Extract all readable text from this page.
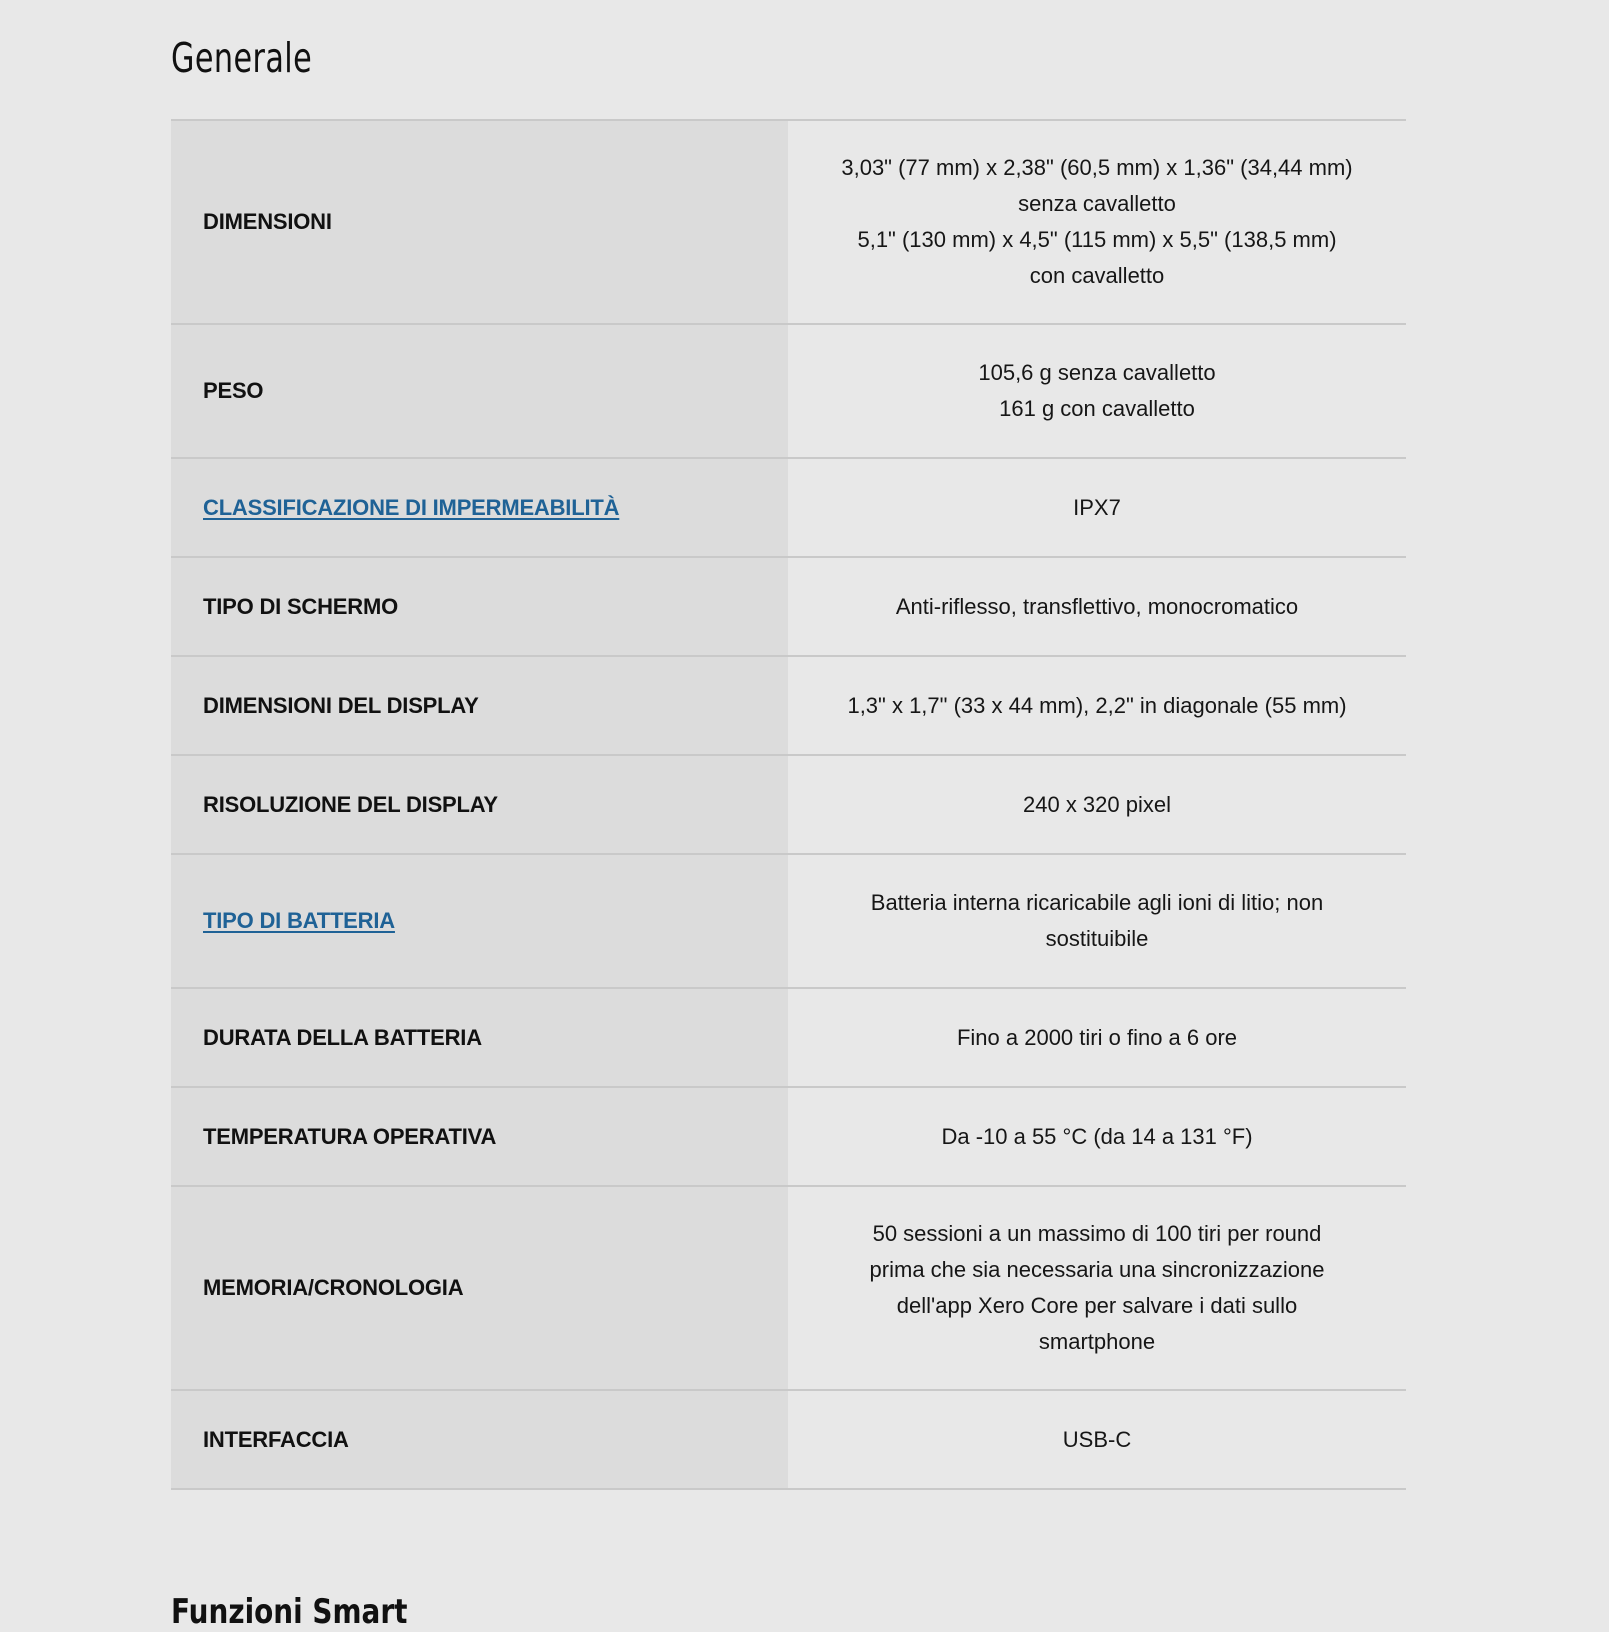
Generale
DIMENSIONI	3,03" (77 mm) x 2,38" (60,5 mm) x 1,36" (34,44 mm)
senza cavalletto
5,1" (130 mm) x 4,5" (115 mm) x 5,5" (138,5 mm)
con cavalletto

PESO	105,6 g senza cavalletto
161 g con cavalletto

CLASSIFICAZIONE DI IMPERMEABILITÀ	IPX7

TIPO DI SCHERMO	Anti-riflesso, transflettivo, monocromatico

DIMENSIONI DEL DISPLAY	1,3" x 1,7" (33 x 44 mm), 2,2" in diagonale (55 mm)

RISOLUZIONE DEL DISPLAY	240 x 320 pixel

TIPO DI BATTERIA	Batteria interna ricaricabile agli ioni di litio; non
sostituibile

DURATA DELLA BATTERIA	Fino a 2000 tiri o fino a 6 ore

TEMPERATURA OPERATIVA	Da -10 a 55 °C (da 14 a 131 °F)

MEMORIA/CRONOLOGIA	50 sessioni a un massimo di 100 tiri per round
prima che sia necessaria una sincronizzazione
dell'app Xero Core per salvare i dati sullo
smartphone

INTERFACCIA	USB-C
Funzioni Smart
